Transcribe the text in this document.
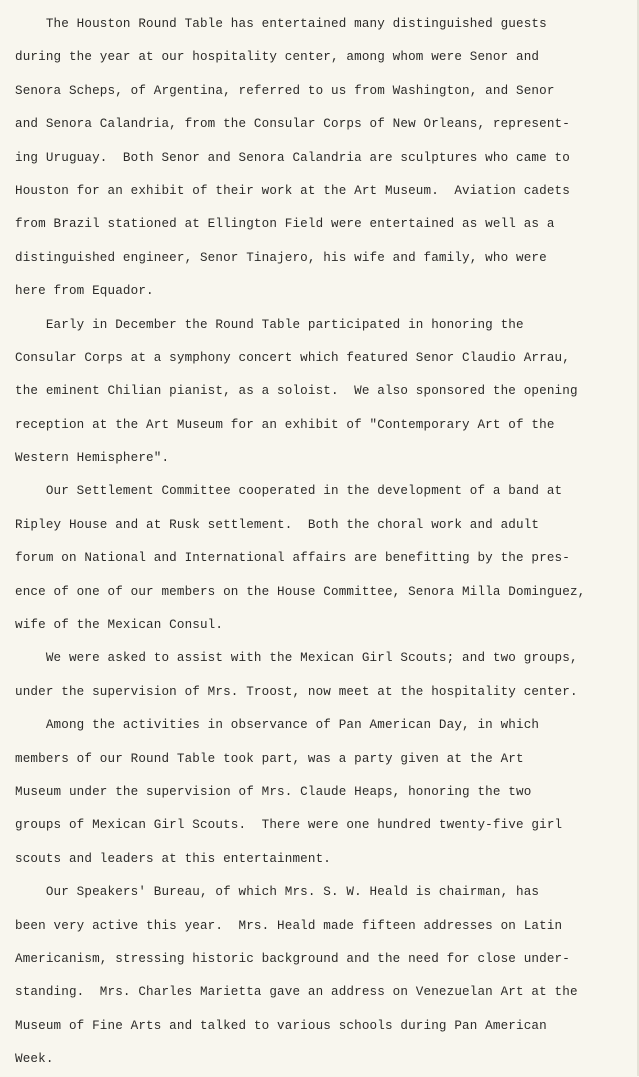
The Houston Round Table has entertained many distinguished guests
during the year at our hospitality center, among whom were Senor and
Senora Scheps, of Argentina, referred to us from Washington, and Senor
and Senora Calandria, from the Consular Corps of New Orleans, represent-
ing Uruguay.  Both Senor and Senora Calandria are sculptures who came to
Houston for an exhibit of their work at the Art Museum.  Aviation cadets
from Brazil stationed at Ellington Field were entertained as well as a
distinguished engineer, Senor Tinajero, his wife and family, who were
here from Equador.
Early in December the Round Table participated in honoring the
Consular Corps at a symphony concert which featured Senor Claudio Arrau,
the eminent Chilian pianist, as a soloist.  We also sponsored the opening
reception at the Art Museum for an exhibit of "Contemporary Art of the
Western Hemisphere".
Our Settlement Committee cooperated in the development of a band at
Ripley House and at Rusk settlement.  Both the choral work and adult
forum on National and International affairs are benefitting by the pres-
ence of one of our members on the House Committee, Senora Milla Dominguez,
wife of the Mexican Consul.
We were asked to assist with the Mexican Girl Scouts; and two groups,
under the supervision of Mrs. Troost, now meet at the hospitality center.
Among the activities in observance of Pan American Day, in which
members of our Round Table took part, was a party given at the Art
Museum under the supervision of Mrs. Claude Heaps, honoring the two
groups of Mexican Girl Scouts.  There were one hundred twenty-five girl
scouts and leaders at this entertainment.
Our Speakers' Bureau, of which Mrs. S. W. Heald is chairman, has
been very active this year.  Mrs. Heald made fifteen addresses on Latin
Americanism, stressing historic background and the need for close under-
standing.  Mrs. Charles Marietta gave an address on Venezuelan Art at the
Museum of Fine Arts and talked to various schools during Pan American
Week.
